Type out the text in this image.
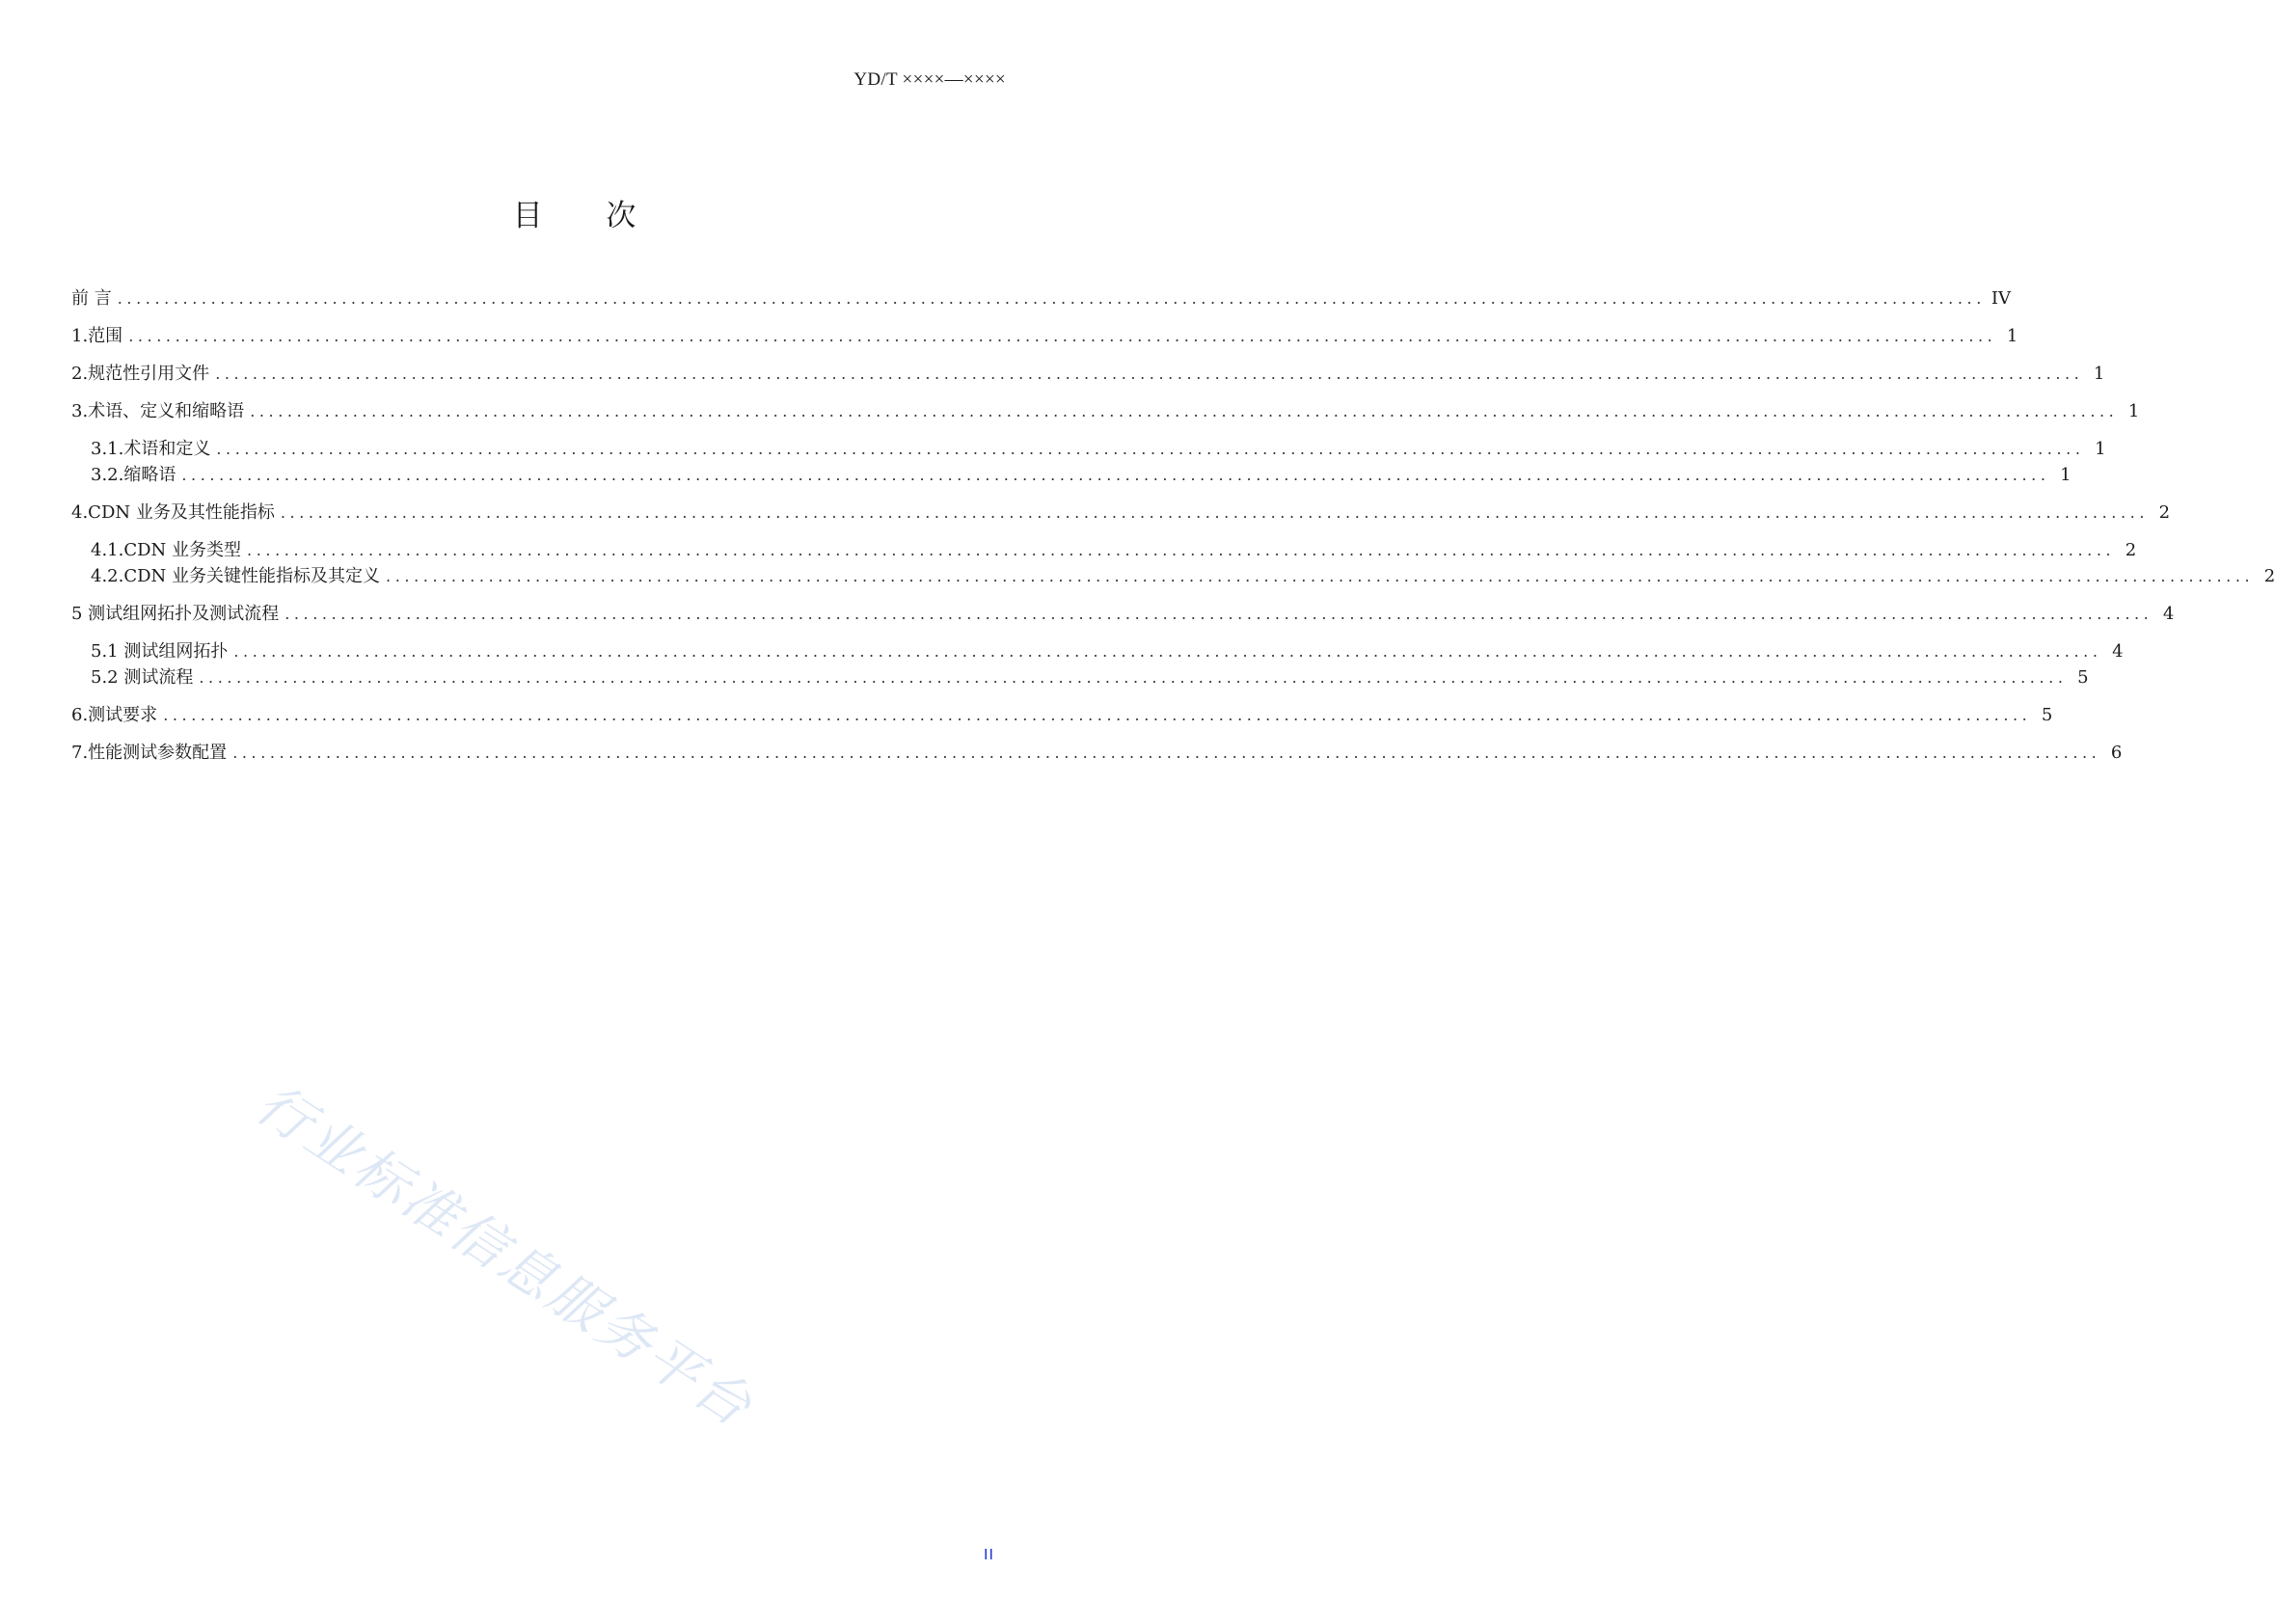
YD/T ××××—××××
目 次
前 言 ........................................................................................................................................................................................................ IV
1.范围 ........................................................................................................................................................................................................ 1
2.规范性引用文件 ........................................................................................................................................................................................................ 1
3.术语、定义和缩略语 ........................................................................................................................................................................................................ 1
3.1.术语和定义 ........................................................................................................................................................................................................ 1
3.2.缩略语 ........................................................................................................................................................................................................ 1
4.CDN 业务及其性能指标 ........................................................................................................................................................................................................ 2
4.1.CDN 业务类型 ........................................................................................................................................................................................................ 2
4.2.CDN 业务关键性能指标及其定义 ........................................................................................................................................................................................................ 2
5 测试组网拓扑及测试流程 ........................................................................................................................................................................................................ 4
5.1 测试组网拓扑 ........................................................................................................................................................................................................ 4
5.2 测试流程 ........................................................................................................................................................................................................ 5
6.测试要求 ........................................................................................................................................................................................................ 5
7.性能测试参数配置 ........................................................................................................................................................................................................ 6
行业标准信息服务平台
II
